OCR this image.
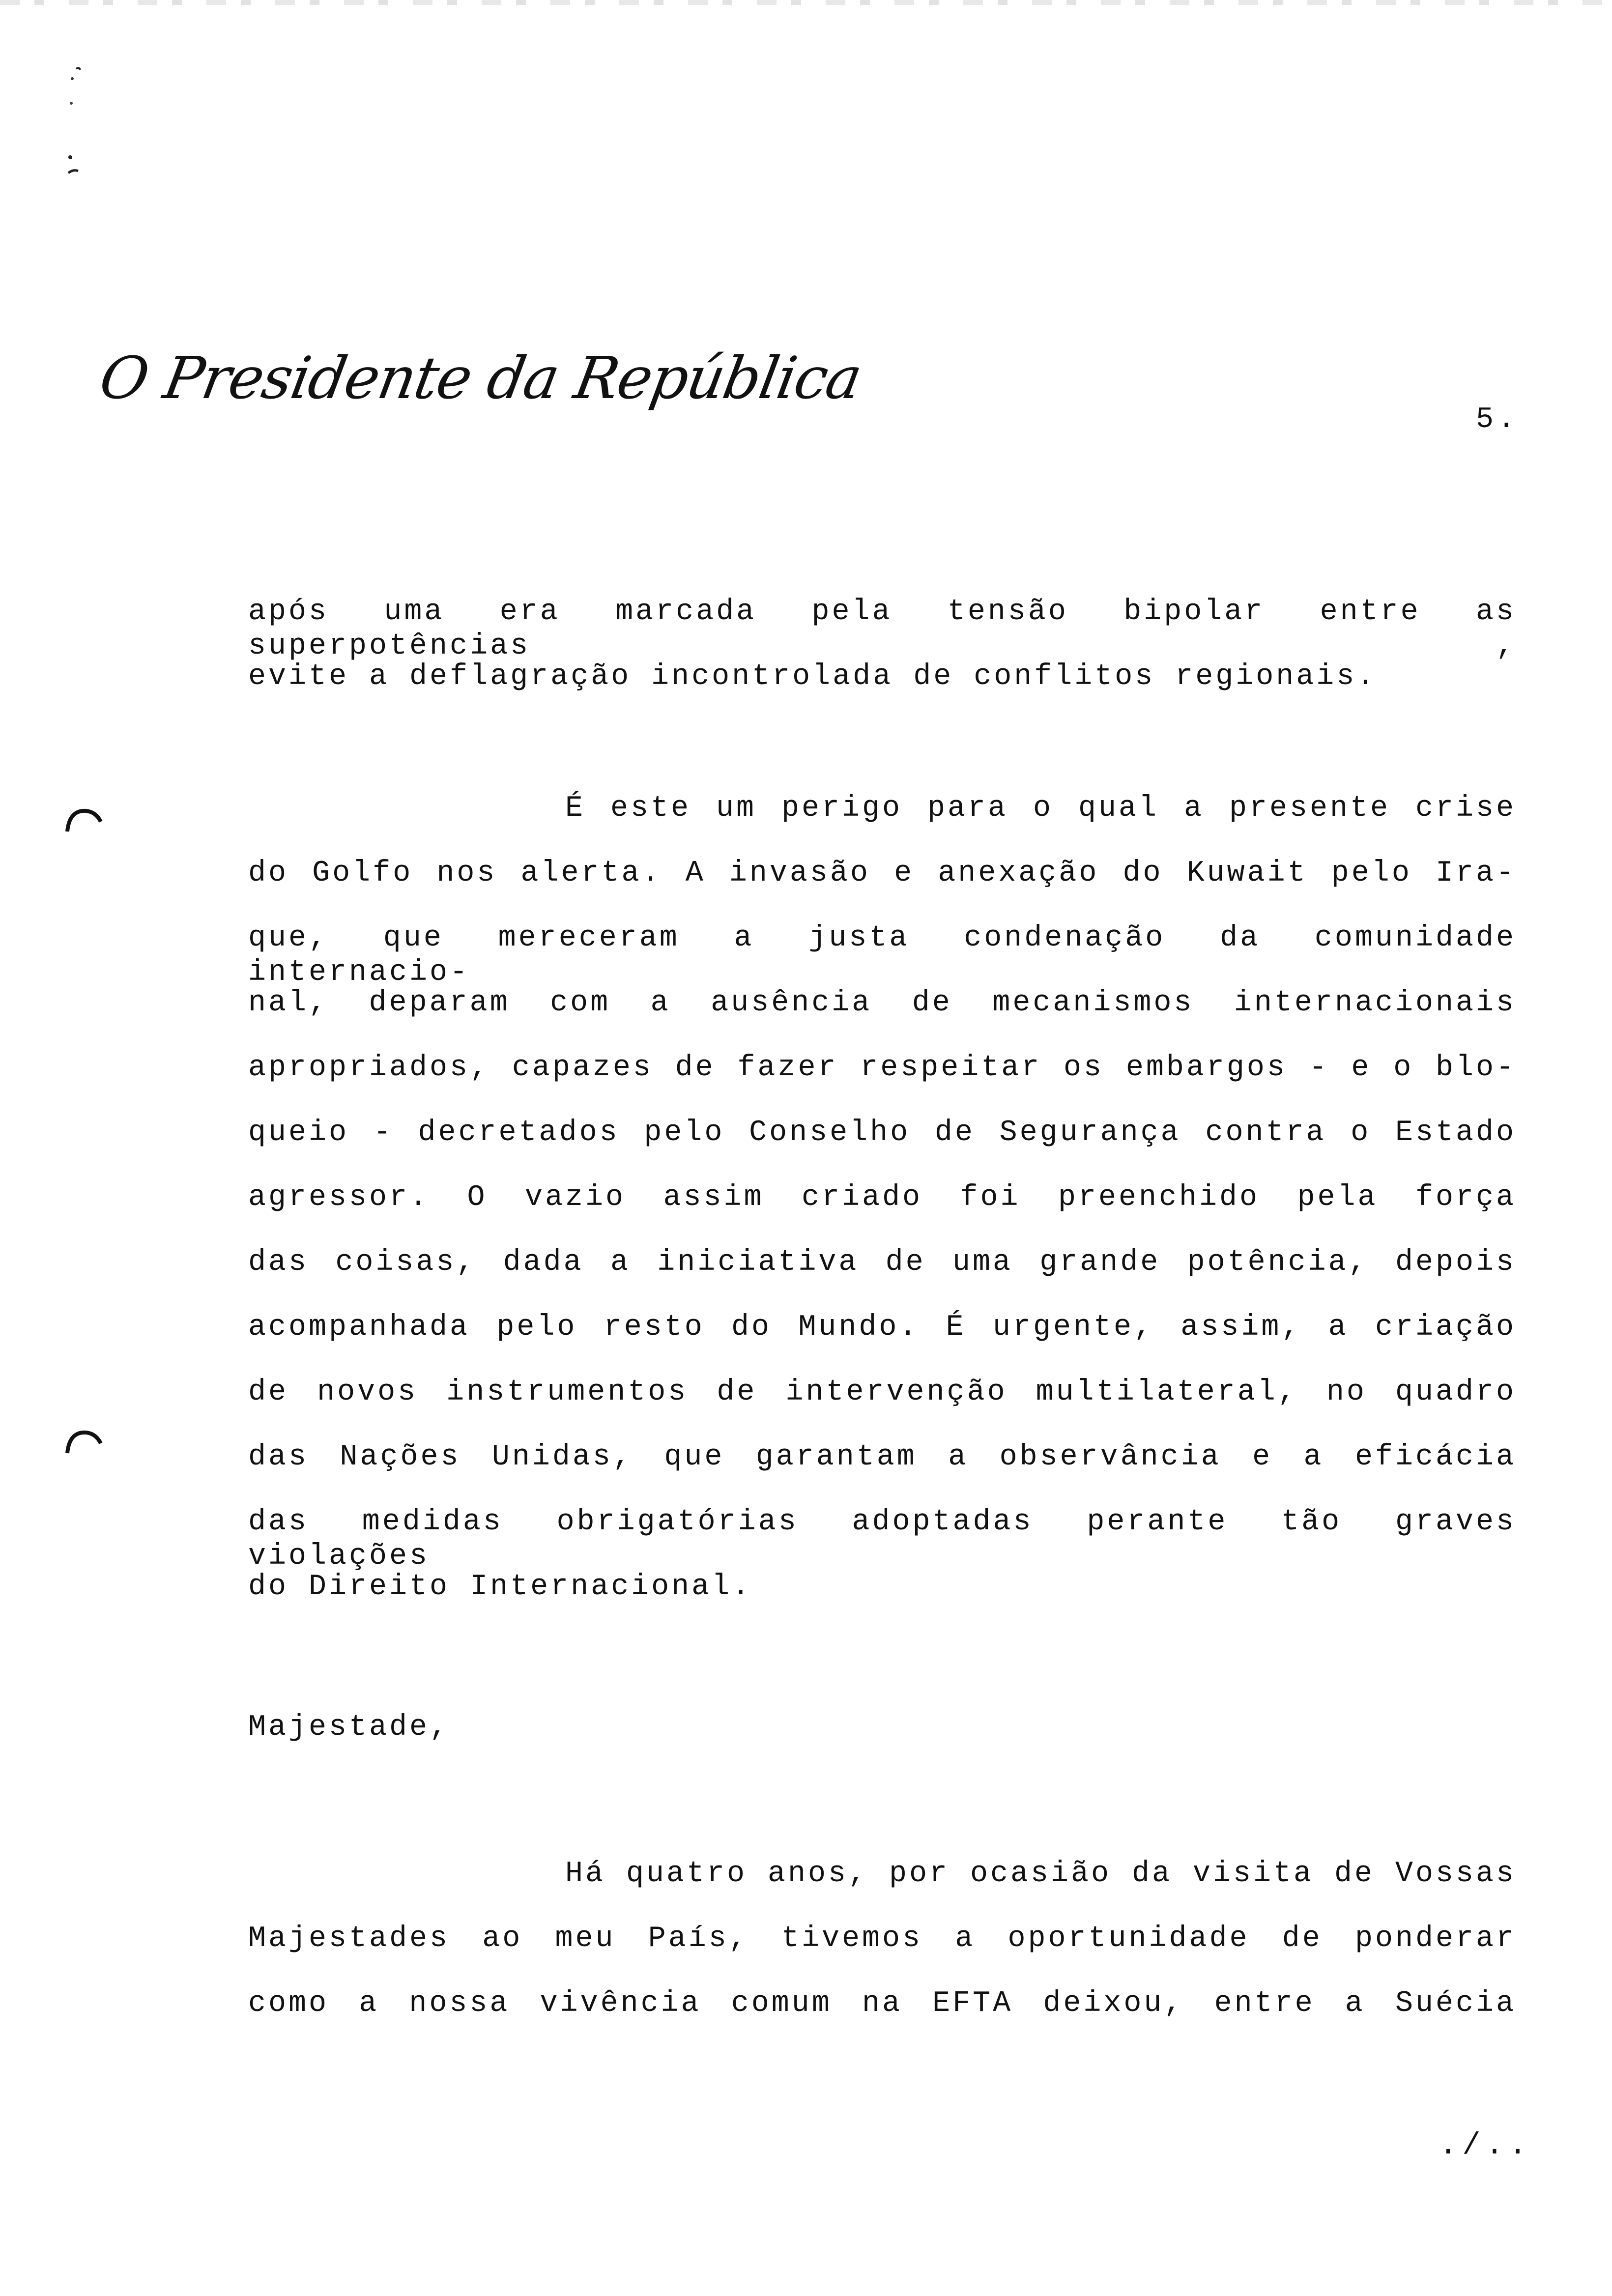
O Presidente da República
5.
após uma era marcada pela tensão bipolar entre as superpotências ,
evite a deflagração incontrolada de conflitos regionais.
É este um perigo para o qual a presente crise
do Golfo nos alerta. A invasão e anexação do Kuwait pelo Ira-
que, que mereceram a justa condenação da comunidade internacio-
nal, deparam com a ausência de mecanismos internacionais
apropriados, capazes de fazer respeitar os embargos - e o blo-
queio - decretados pelo Conselho de Segurança contra o Estado
agressor. O vazio assim criado foi preenchido pela força
das coisas, dada a iniciativa de uma grande potência, depois
acompanhada pelo resto do Mundo. É urgente, assim, a criação
de novos instrumentos de intervenção multilateral, no quadro
das Nações Unidas, que garantam a observância e a eficácia
das medidas obrigatórias adoptadas perante tão graves violações
do Direito Internacional.
Majestade,
Há quatro anos, por ocasião da visita de Vossas
Majestades ao meu País, tivemos a oportunidade de ponderar
como a nossa vivência comum na EFTA deixou, entre a Suécia
./..
